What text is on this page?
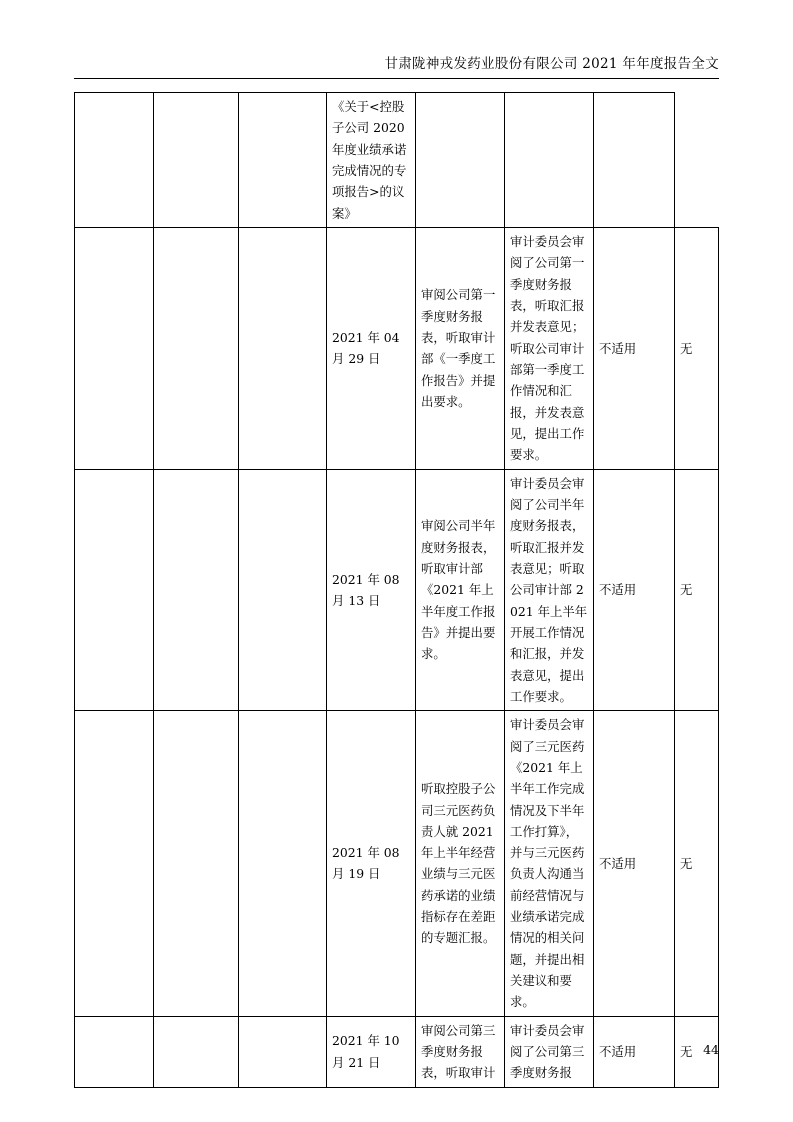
甘肃陇神戎发药业股份有限公司 2021 年年度报告全文
			《关于<控股子公司 2020 年度业绩承诺完成情况的专项报告>的议案》				
			2021 年 04 月 29 日	审阅公司第一季度财务报表，听取审计部《一季度工作报告》并提出要求。	审计委员会审阅了公司第一季度财务报表，听取汇报并发表意见；听取公司审计部第一季度工作情况和汇报，并发表意见，提出工作要求。	不适用	无
			2021 年 08 月 13 日	审阅公司半年度财务报表，听取审计部《2021 年上半年度工作报告》并提出要求。	审计委员会审阅了公司半年度财务报表，听取汇报并发表意见；听取公司审计部 2021 年上半年开展工作情况和汇报，并发表意见，提出工作要求。	不适用	无
			2021 年 08 月 19 日	听取控股子公司三元医药负责人就 2021 年上半年经营业绩与三元医药承诺的业绩指标存在差距的专题汇报。	审计委员会审阅了三元医药《2021 年上半年工作完成情况及下半年工作打算》，并与三元医药负责人沟通当前经营情况与业绩承诺完成情况的相关问题，并提出相关建议和要求。	不适用	无
			2021 年 10 月 21 日	审阅公司第三季度财务报表，听取审计	审计委员会审阅了公司第三季度财务报	不适用	无 44
